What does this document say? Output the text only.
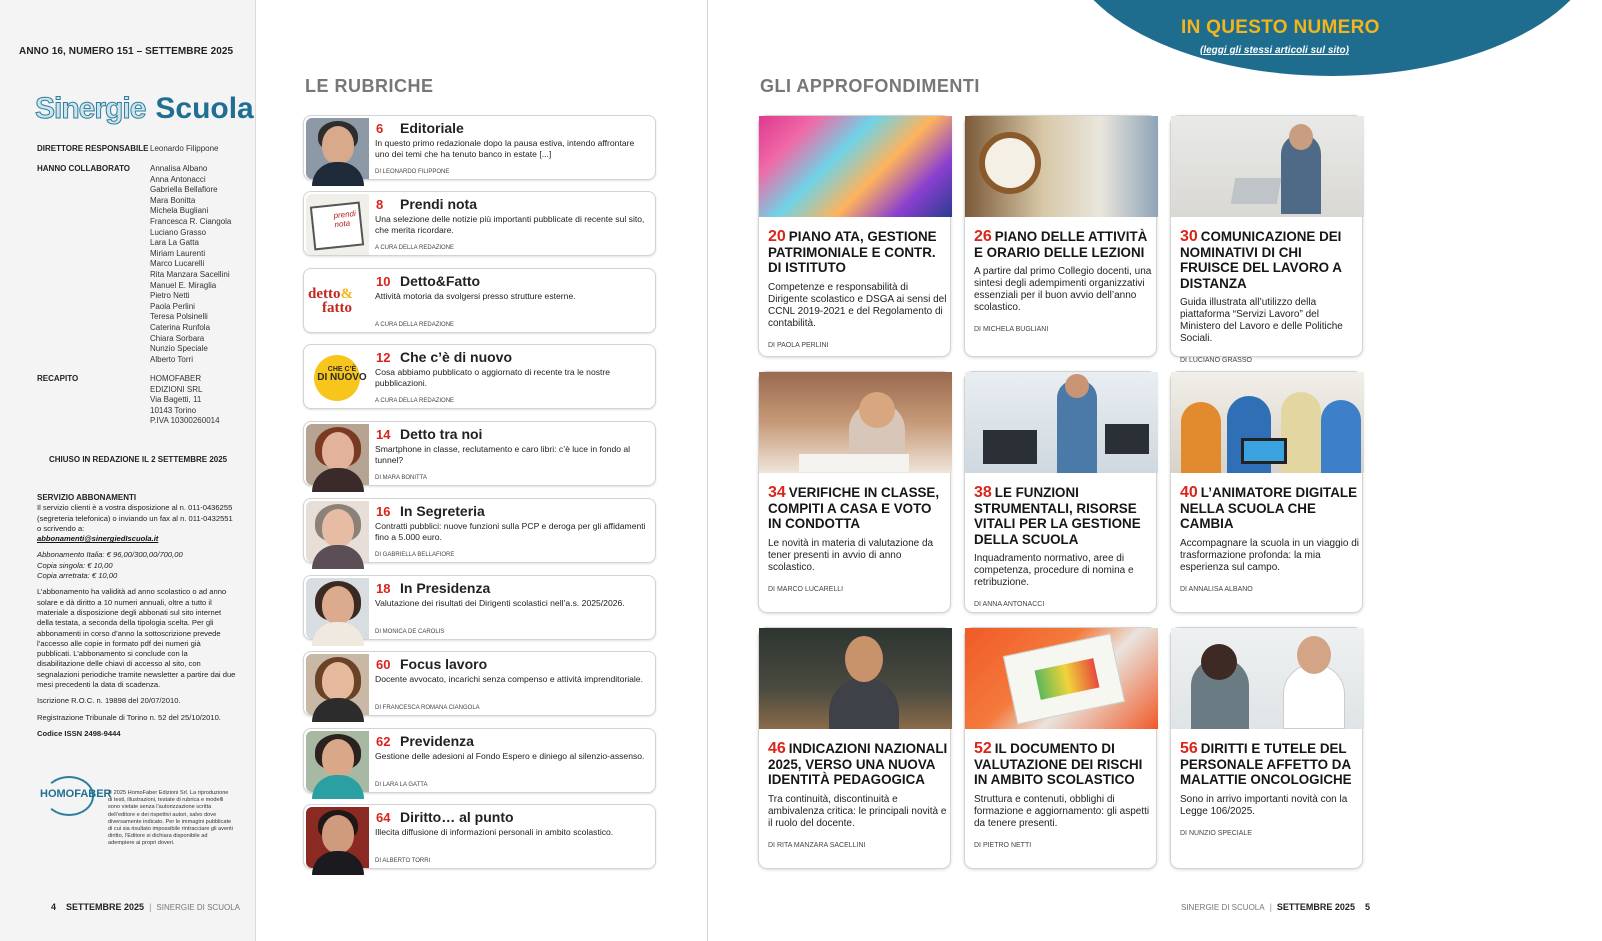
ANNO 16, NUMERO 151 – SETTEMBRE 2025
Sinergie Scuola
DIRETTORE RESPONSABILE Leonardo Filippone
HANNO COLLABORATO Annalisa Albano
Anna Antonacci
Gabriella Bellafiore
Mara Bonitta
Michela Bugliani
Francesca R. Ciangola
Luciano Grasso
Lara La Gatta
Miriam Laurenti
Marco Lucarelli
Rita Manzara Sacellini
Manuel E. Miraglia
Pietro Netti
Paola Perlini
Teresa Polsinelli
Caterina Runfola
Chiara Sorbara
Nunzio Speciale
Alberto Torri
RECAPITO	HOMOFABER
EDIZIONI SRL
Via Bagetti, 11
10143 Torino
P.IVA 10300260014
CHIUSO IN REDAZIONE IL 2 SETTEMBRE 2025
SERVIZIO ABBONAMENTI
Il servizio clienti è a vostra disposizione al n. 011-0436255 (segreteria telefonica) o inviando un fax al n. 011-0432551 o scrivendo a:
abbonamenti@sinergiedIscuola.it

Abbonamento Italia: € 96,00/300,00/700,00
Copia singola: € 10,00
Copia arretrata: € 10,00

L’abbonamento ha validità ad anno scolastico o ad anno solare e dà diritto a 10 numeri annuali, oltre a tutto il materiale a disposizione degli abbonati sul sito internet della testata, a seconda della tipologia scelta. Per gli abbonamenti in corso d’anno la sottoscrizione prevede l’accesso alle copie in formato pdf dei numeri già pubblicati. L’abbonamento si conclude con la disabilitazione delle chiavi di accesso al sito, con segnalazioni periodiche tramite newsletter a partire dai due mesi precedenti la data di scadenza.

Iscrizione R.O.C. n. 19898 del 20/07/2010.

Registrazione Tribunale di Torino n. 52 del 25/10/2010.

Codice ISSN 2498-9444

HOMOFABER
© 2025 HomoFaber Edizioni Srl. La riproduzione di testi, illustrazioni, testate di rubrica e modelli sono vietate senza l’autorizzazione scritta dell’editore e dei rispettivi autori, salvo dove diversamente indicato. Per le immagini pubblicate di cui sia risultato impossibile rintracciare gli aventi diritto, l’Editore si dichiara disponibile ad adempiere ai propri doveri.
4 SETTEMBRE 2025 | SINERGIE DI SCUOLA
LE RUBRICHE
6 Editoriale
In questo primo redazionale dopo la pausa estiva, intendo affrontare uno dei temi che ha tenuto banco in estate [...]
DI LEONARDO FILIPPONE
prendi nota
8 Prendi nota
Una selezione delle notizie più importanti pubblicate di recente sul sito, che merita ricordare.
A CURA DELLA REDAZIONE
detto&
fatto
10 Detto&Fatto
Attività motoria da svolgersi presso strutture esterne.
A CURA DELLA REDAZIONE
CHE C’È
DI NUOVO
12 Che c’è di nuovo
Cosa abbiamo pubblicato o aggiornato di recente tra le nostre pubblicazioni.
A CURA DELLA REDAZIONE
14 Detto tra noi
Smartphone in classe, reclutamento e caro libri: c’è luce in fondo al tunnel?
DI MARA BONITTA
16 In Segreteria
Contratti pubblici: nuove funzioni sulla PCP e deroga per gli affidamenti fino a 5.000 euro.
DI GABRIELLA BELLAFIORE
18 In Presidenza
Valutazione dei risultati dei Dirigenti scolastici nell’a.s. 2025/2026.
DI MONICA DE CAROLIS
60 Focus lavoro
Docente avvocato, incarichi senza compenso e attività imprenditoriale.
DI FRANCESCA ROMANA CIANGOLA
62 Previdenza
Gestione delle adesioni al Fondo Espero e diniego al silenzio-assenso.
DI LARA LA GATTA
64 Diritto… al punto
Illecita diffusione di informazioni personali in ambito scolastico.
DI ALBERTO TORRI
IN QUESTO NUMERO
(leggi gli stessi articoli sul sito)
GLI APPROFONDIMENTI
20 PIANO ATA, GESTIONE PATRIMONIALE E CONTR. DI ISTITUTO
Competenze e responsabilità di Dirigente scolastico e DSGA ai sensi del CCNL 2019-2021 e del Regolamento di contabilità.
DI PAOLA PERLINI
26 PIANO DELLE ATTIVITÀ E ORARIO DELLE LEZIONI
A partire dal primo Collegio docenti, una sintesi degli adempimenti organizzativi essenziali per il buon avvio dell’anno scolastico.
DI MICHELA BUGLIANI
30 COMUNICAZIONE DEI NOMINATIVI DI CHI FRUISCE DEL LAVORO A DISTANZA
Guida illustrata all’utilizzo della piattaforma “Servizi Lavoro” del Ministero del Lavoro e delle Politiche Sociali.
DI LUCIANO GRASSO
34 VERIFICHE IN CLASSE, COMPITI A CASA E VOTO IN CONDOTTA
Le novità in materia di valutazione da tener presenti in avvio di anno scolastico.
DI MARCO LUCARELLI
38 LE FUNZIONI STRUMENTALI, RISORSE VITALI PER LA GESTIONE DELLA SCUOLA
Inquadramento normativo, aree di competenza, procedure di nomina e retribuzione.
DI ANNA ANTONACCI
40 L’ANIMATORE DIGITALE NELLA SCUOLA CHE CAMBIA
Accompagnare la scuola in un viaggio di trasformazione profonda: la mia esperienza sul campo.
DI ANNALISA ALBANO
46 INDICAZIONI NAZIONALI 2025, VERSO UNA NUOVA IDENTITÀ PEDAGOGICA
Tra continuità, discontinuità e ambivalenza critica: le principali novità e il ruolo del docente.
DI RITA MANZARA SACELLINI
52 IL DOCUMENTO DI VALUTAZIONE DEI RISCHI IN AMBITO SCOLASTICO
Struttura e contenuti, obblighi di formazione e aggiornamento: gli aspetti da tenere presenti.
DI PIETRO NETTI
56 DIRITTI E TUTELE DEL PERSONALE AFFETTO DA MALATTIE ONCOLOGICHE
Sono in arrivo importanti novità con la Legge 106/2025.
DI NUNZIO SPECIALE
SINERGIE DI SCUOLA | SETTEMBRE 2025 5
